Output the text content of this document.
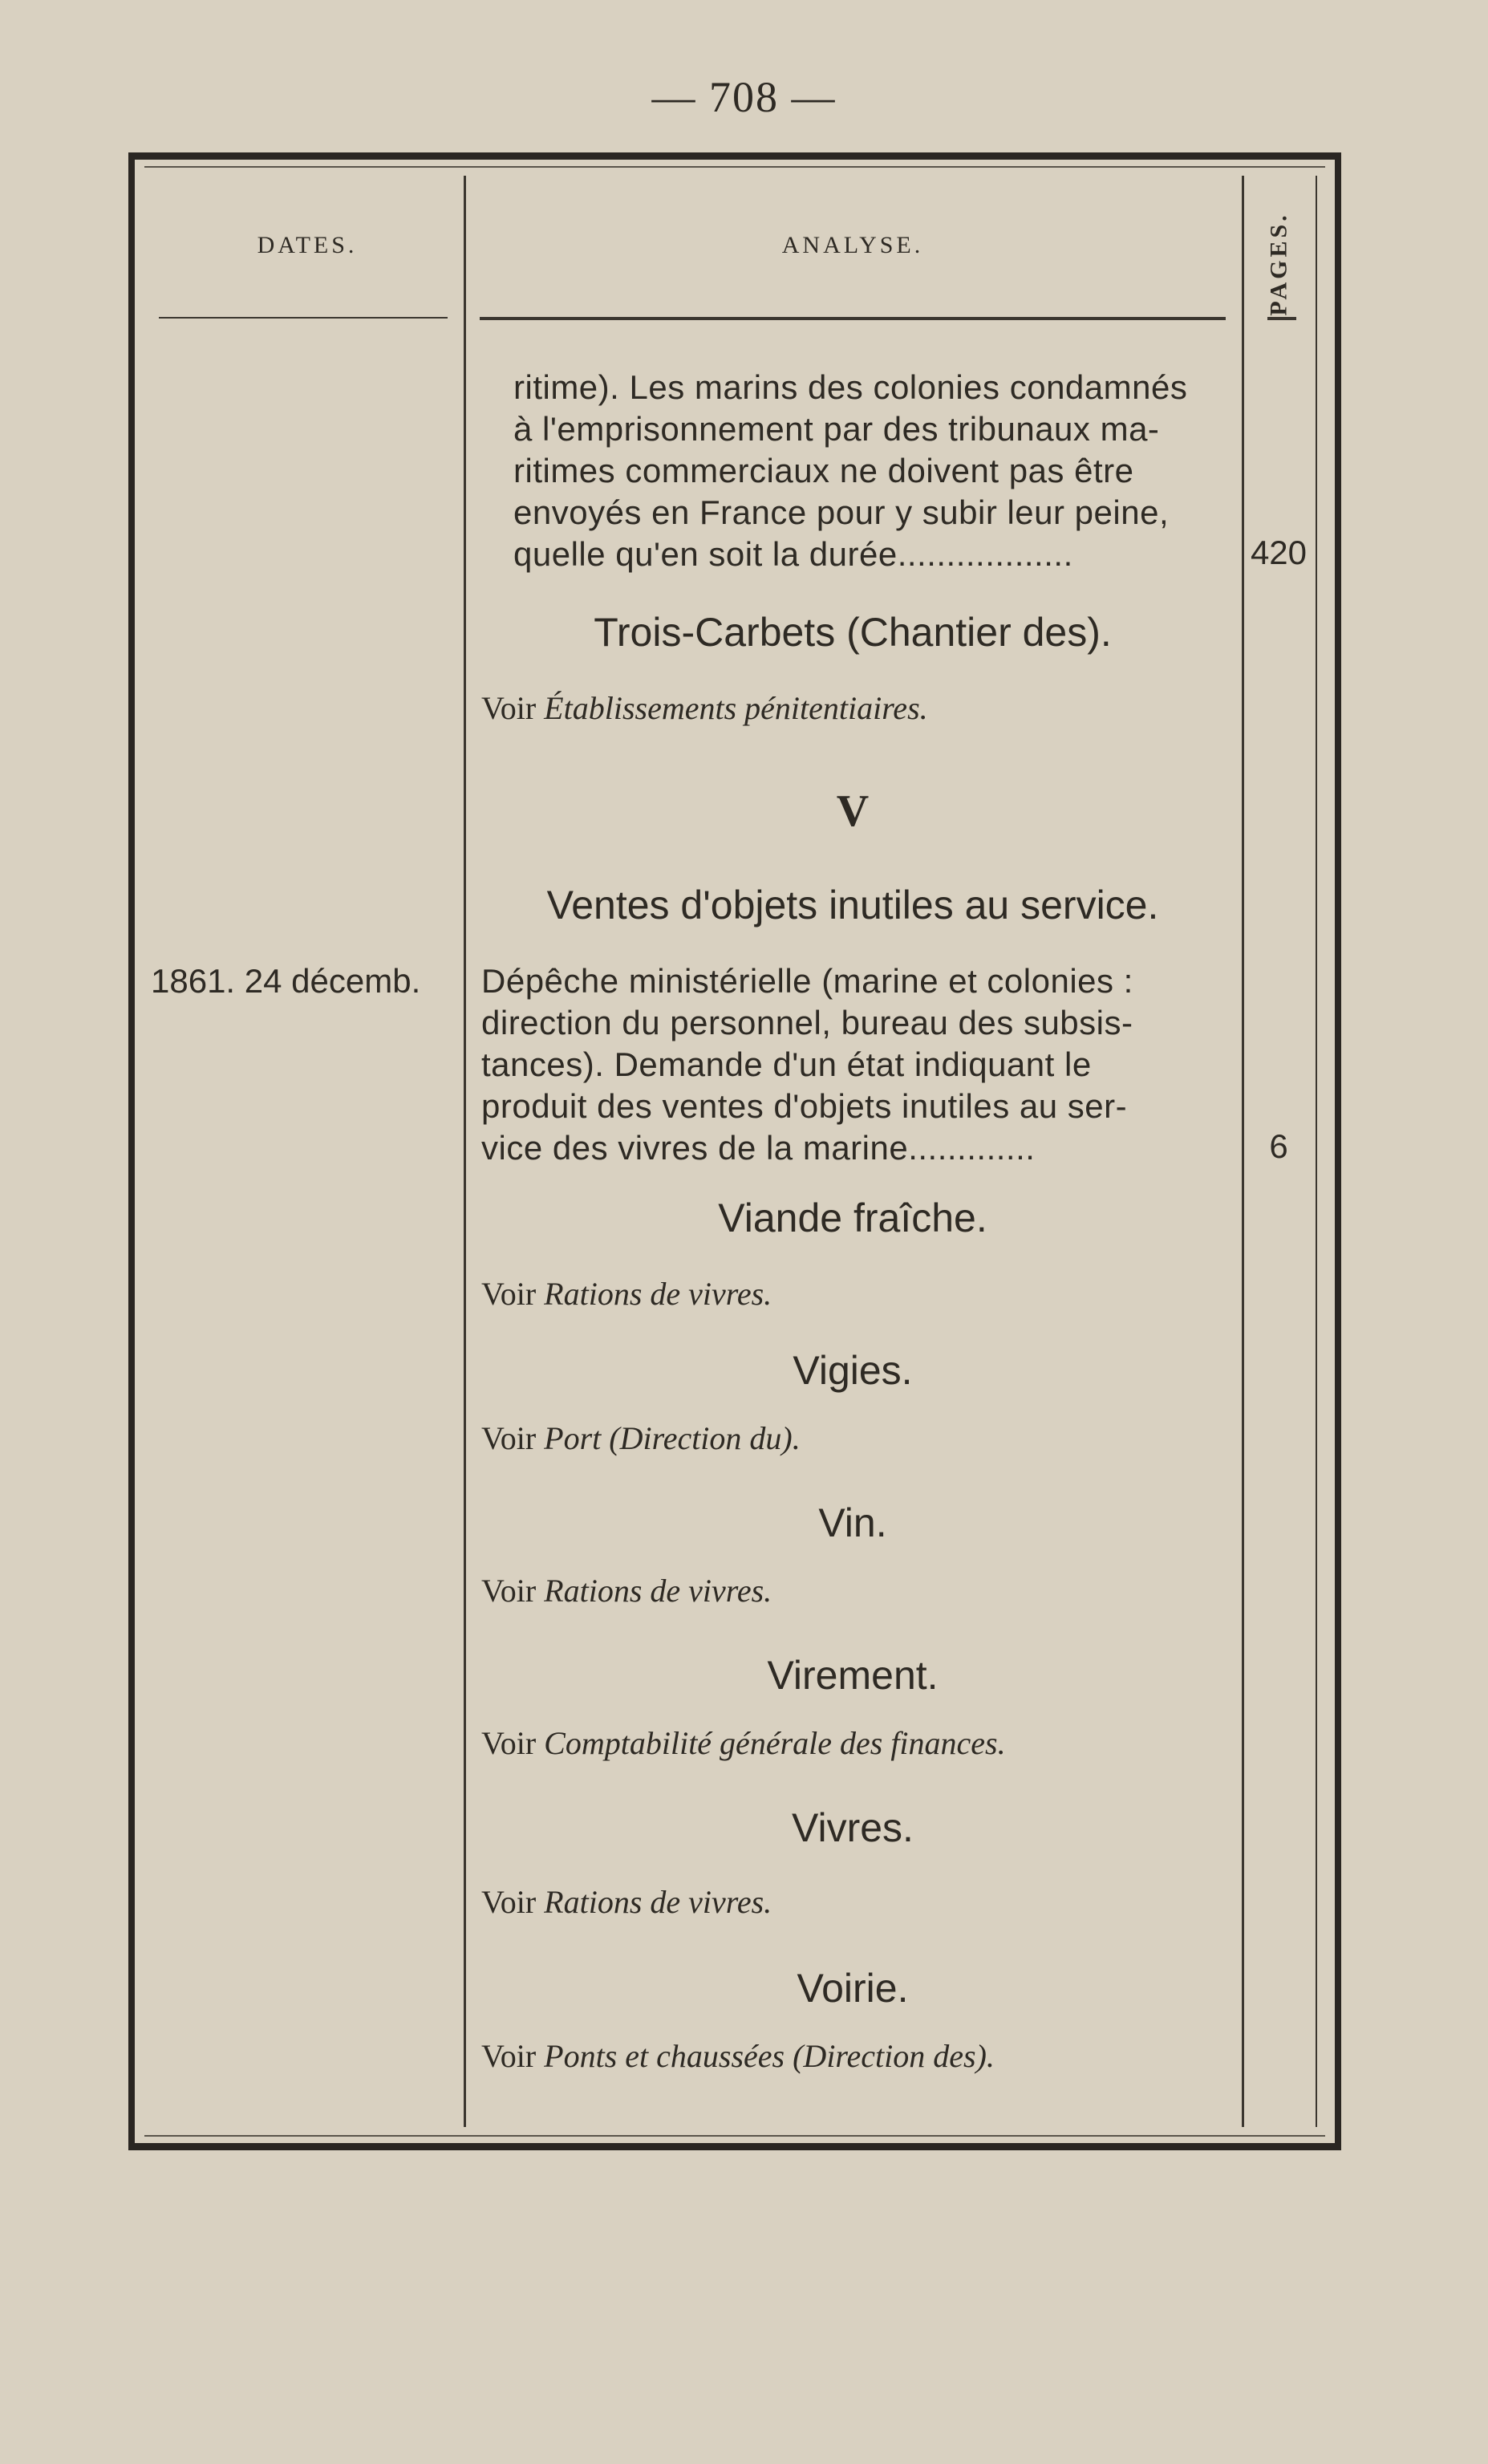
— 708 —
DATES.	ANALYSE.	PAGES.
ritime). Les marins des colonies condamnés
à l'emprisonnement par des tribunaux ma-
ritimes commerciaux ne doivent pas être
envoyés en France pour y subir leur peine,
quelle qu'en soit la durée..................	420
Trois-Carbets (Chantier des).
Voir Établissements pénitentiaires.
V
Ventes d'objets inutiles au service.
1861. 24 décemb.	Dépêche ministérielle (marine et colonies :
direction du personnel, bureau des subsis-
tances). Demande d'un état indiquant le
produit des ventes d'objets inutiles au ser-
vice des vivres de la marine.............	6
Viande fraîche.
Voir Rations de vivres.
Vigies.
Voir Port (Direction du).
Vin.
Voir Rations de vivres.
Virement.
Voir Comptabilité générale des finances.
Vivres.
Voir Rations de vivres.
Voirie.
Voir Ponts et chaussées (Direction des).
